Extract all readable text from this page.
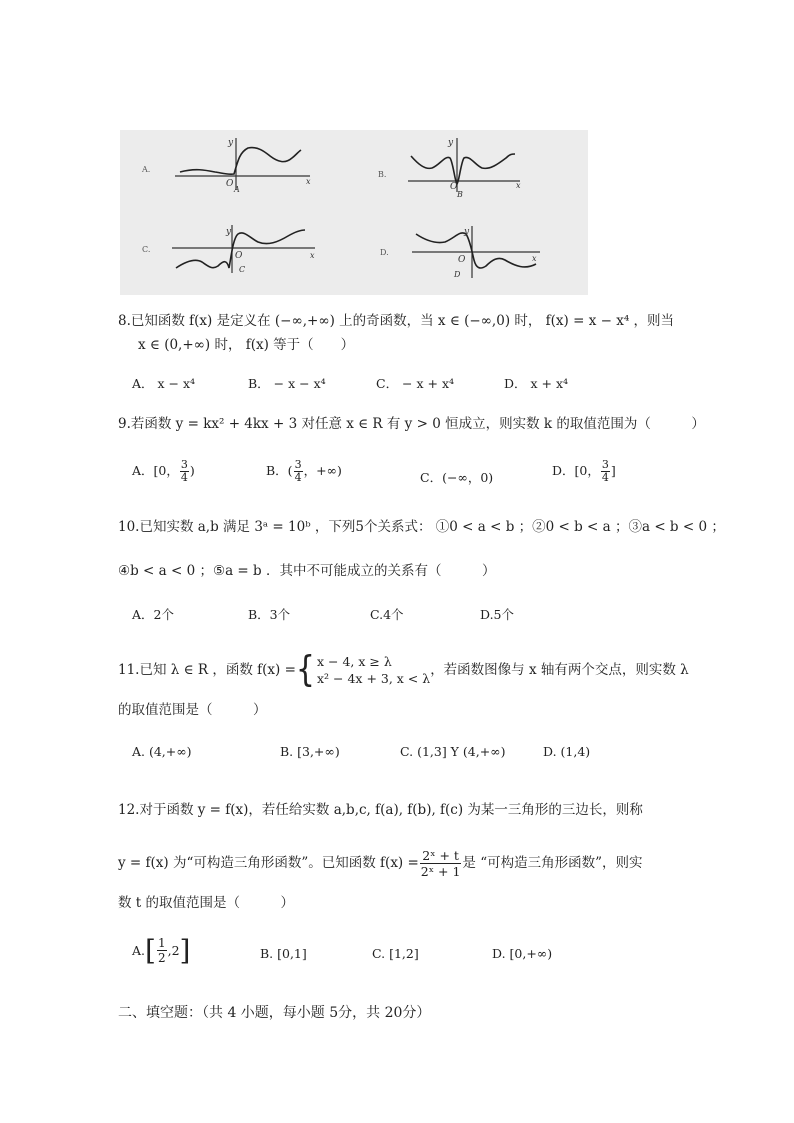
A.
O
y
x
A
B.
O
y
x
B
C.
O
y
x
C
D.
O
y
x
D
8.已知函数 f(x) 是定义在 (−∞,+∞) 上的奇函数，当 x ∈ (−∞,0) 时， f(x) = x − x⁴ ，则当
x ∈ (0,+∞) 时， f(x) 等于（　　）
A． x − x⁴	B． − x − x⁴	C． − x + x⁴	D． x + x⁴
9.若函数 y = kx² + 4kx + 3 对任意 x ∈ R 有 y > 0 恒成立，则实数 k 的取值范围为（　　　）
A．[0， $\frac{3}{4}$ )	B．( $\frac{3}{4}$ ，+∞)	C．(−∞，0)	D．[0， $\frac{3}{4}$ ]
10.已知实数 a,b 满足 3ᵃ = 10ᵇ ，下列5个关系式： ①0 < a < b ；②0 < b < a ；③a < b < 0 ；
④b < a < 0 ；⑤a = b ．其中不可能成立的关系有（　　　）
A．2个	B．3个	C.4个	D.5个
11.已知 λ ∈ R ，函数 f(x) = { x − 4, x ≥ λ
x² − 4x + 3, x < λ
，若函数图像与 x 轴有两个交点，则实数 λ
的取值范围是（　　　）
A. (4,+∞)	B. [3,+∞)	C. (1,3] Y (4,+∞)	D. (1,4)
12.对于函数 y = f(x)，若任给实数 a,b,c, f(a), f(b), f(c) 为某一三角形的三边长，则称
y = f(x) 为“可构造三角形函数”。已知函数 $f(x) = \frac{\text{2ˣ + t}}{\text{2ˣ + 1}}$ 是 “可构造三角形函数”，则实
数 t 的取值范围是（　　　）
A. [ $\frac{1}{2} ,2$ ]	B. [0,1]	C. [1,2]	D. [0,+∞)
二、填空题：（共 4 小题，每小题 5分，共 20分）
